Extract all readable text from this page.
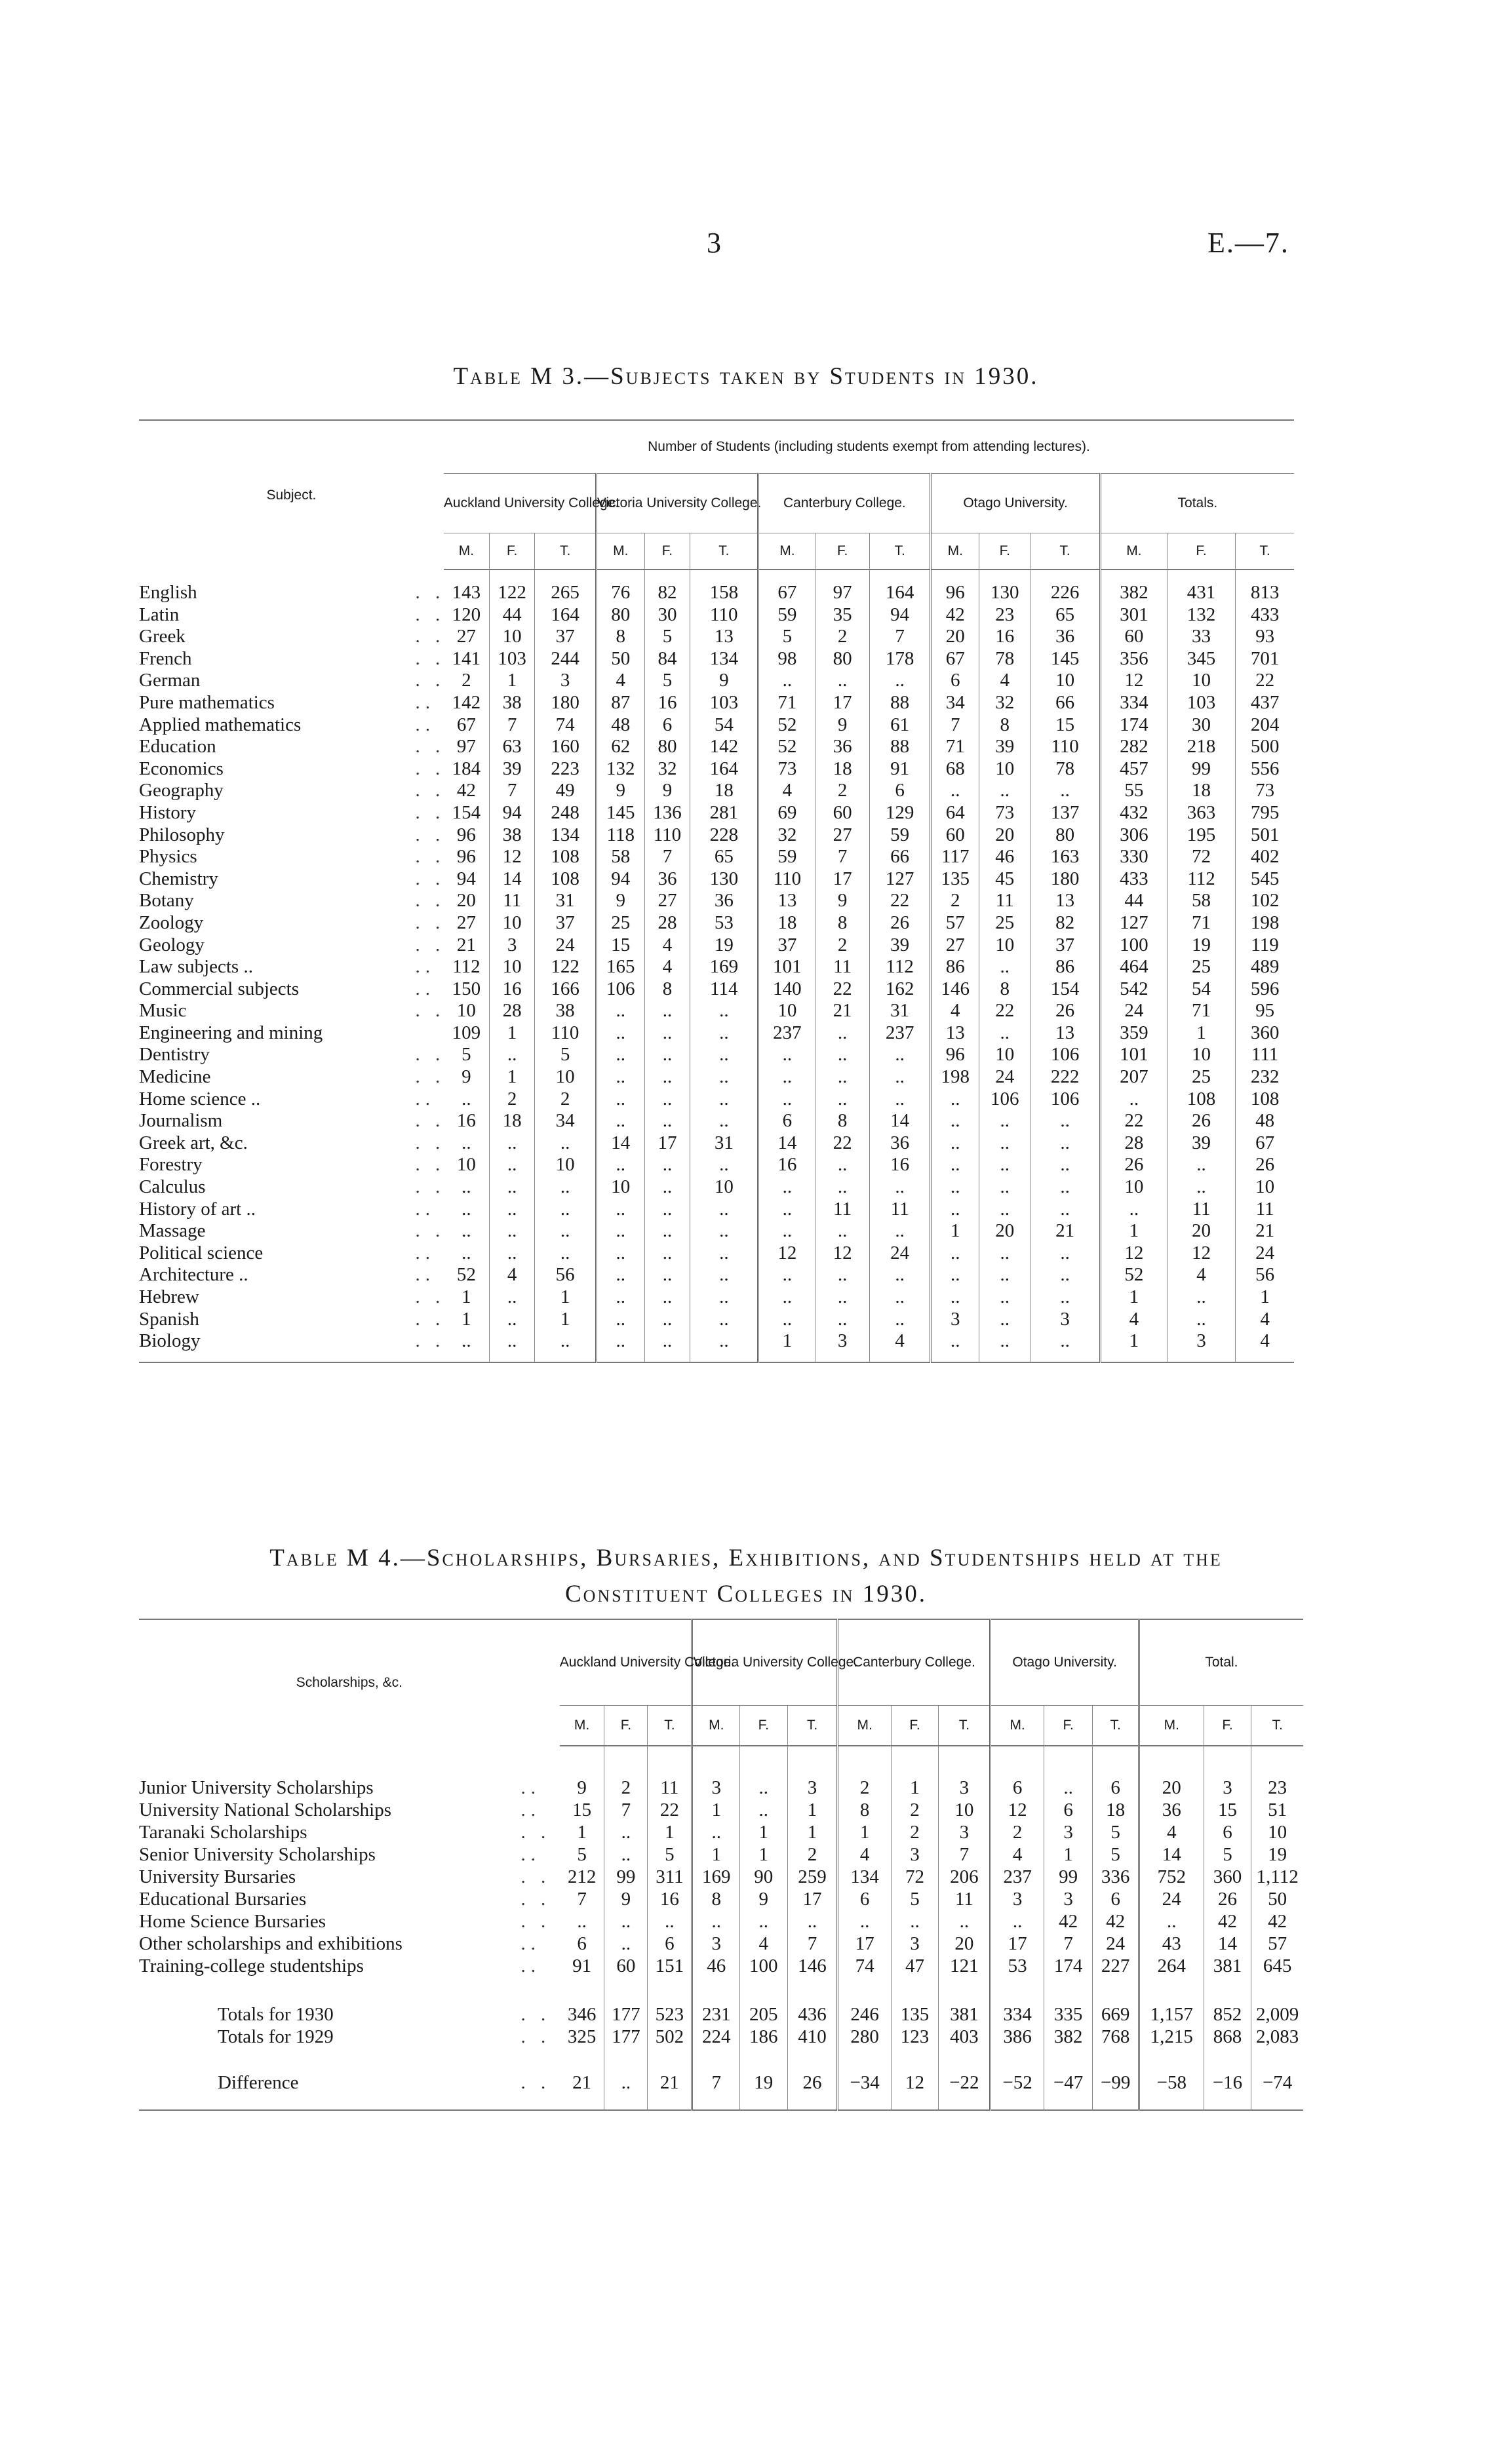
3	E.—7.
Table M 3.—Subjects taken by Students in 1930.
Subject.		Number of Students (including students exempt from attending lectures).														
		Auckland University College.			Victoria University College.			Canterbury College.			Otago University.			Totals.		
		M.	F.	T.	M.	F.	T.	M.	F.	T.	M.	F.	T.	M.	F.	T.
English	. .	143	122	265	76	82	158	67	97	164	96	130	226	382	431	813
Latin	. .	120	44	164	80	30	110	59	35	94	42	23	65	301	132	433
Greek	. .	27	10	37	8	5	13	5	2	7	20	16	36	60	33	93
French	. .	141	103	244	50	84	134	98	80	178	67	78	145	356	345	701
German	. .	2	1	3	4	5	9	..	..	..	6	4	10	12	10	22
Pure mathematics	..	142	38	180	87	16	103	71	17	88	34	32	66	334	103	437
Applied mathematics	..	67	7	74	48	6	54	52	9	61	7	8	15	174	30	204
Education	. .	97	63	160	62	80	142	52	36	88	71	39	110	282	218	500
Economics	. .	184	39	223	132	32	164	73	18	91	68	10	78	457	99	556
Geography	. .	42	7	49	9	9	18	4	2	6	..	..	..	55	18	73
History	. .	154	94	248	145	136	281	69	60	129	64	73	137	432	363	795
Philosophy	. .	96	38	134	118	110	228	32	27	59	60	20	80	306	195	501
Physics	. .	96	12	108	58	7	65	59	7	66	117	46	163	330	72	402
Chemistry	. .	94	14	108	94	36	130	110	17	127	135	45	180	433	112	545
Botany	. .	20	11	31	9	27	36	13	9	22	2	11	13	44	58	102
Zoology	. .	27	10	37	25	28	53	18	8	26	57	25	82	127	71	198
Geology	. .	21	3	24	15	4	19	37	2	39	27	10	37	100	19	119
Law subjects ..	..	112	10	122	165	4	169	101	11	112	86	..	86	464	25	489
Commercial subjects	..	150	16	166	106	8	114	140	22	162	146	8	154	542	54	596
Music	. .	10	28	38	..	..	..	10	21	31	4	22	26	24	71	95
Engineering and mining		109	1	110	..	..	..	237	..	237	13	..	13	359	1	360
Dentistry	. .	5	..	5	..	..	..	..	..	..	96	10	106	101	10	111
Medicine	. .	9	1	10	..	..	..	..	..	..	198	24	222	207	25	232
Home science ..	..	..	2	2	..	..	..	..	..	..	..	106	106	..	108	108
Journalism	. .	16	18	34	..	..	..	6	8	14	..	..	..	22	26	48
Greek art, &c.	. .	..	..	..	14	17	31	14	22	36	..	..	..	28	39	67
Forestry	. .	10	..	10	..	..	..	16	..	16	..	..	..	26	..	26
Calculus	. .	..	..	..	10	..	10	..	..	..	..	..	..	10	..	10
History of art ..	..	..	..	..	..	..	..	..	11	11	..	..	..	..	11	11
Massage	. .	..	..	..	..	..	..	..	..	..	1	20	21	1	20	21
Political science	..	..	..	..	..	..	..	12	12	24	..	..	..	12	12	24
Architecture ..	..	52	4	56	..	..	..	..	..	..	..	..	..	52	4	56
Hebrew	. .	1	..	1	..	..	..	..	..	..	..	..	..	1	..	1
Spanish	. .	1	..	1	..	..	..	..	..	..	3	..	3	4	..	4
Biology	. .	..	..	..	..	..	..	1	3	4	..	..	..	1	3	4
Table M 4.—Scholarships, Bursaries, Exhibitions, and Studentships held at the
Constituent Colleges in 1930.
Scholarships, &c.		Auckland University College.			Victoria University College.			Canterbury College.			Otago University.			Total.		
		M.	F.	T.	M.	F.	T.	M.	F.	T.	M.	F.	T.	M.	F.	T.
Junior University Scholarships	..	9	2	11	3	..	3	2	1	3	6	..	6	20	3	23
University National Scholarships	..	15	7	22	1	..	1	8	2	10	12	6	18	36	15	51
Taranaki Scholarships	. .	1	..	1	..	1	1	1	2	3	2	3	5	4	6	10
Senior University Scholarships	..	5	..	5	1	1	2	4	3	7	4	1	5	14	5	19
University Bursaries	. .	212	99	311	169	90	259	134	72	206	237	99	336	752	360	1,112
Educational Bursaries	. .	7	9	16	8	9	17	6	5	11	3	3	6	24	26	50
Home Science Bursaries	. .	..	..	..	..	..	..	..	..	..	..	42	42	..	42	42
Other scholarships and exhibitions	..	6	..	6	3	4	7	17	3	20	17	7	24	43	14	57
Training-college studentships	..	91	60	151	46	100	146	74	47	121	53	174	227	264	381	645
Totals for 1930	. .	346	177	523	231	205	436	246	135	381	334	335	669	1,157	852	2,009
Totals for 1929	. .	325	177	502	224	186	410	280	123	403	386	382	768	1,215	868	2,083
Difference	. .	21	..	21	7	19	26	−34	12	−22	−52	−47	−99	−58	−16	−74
